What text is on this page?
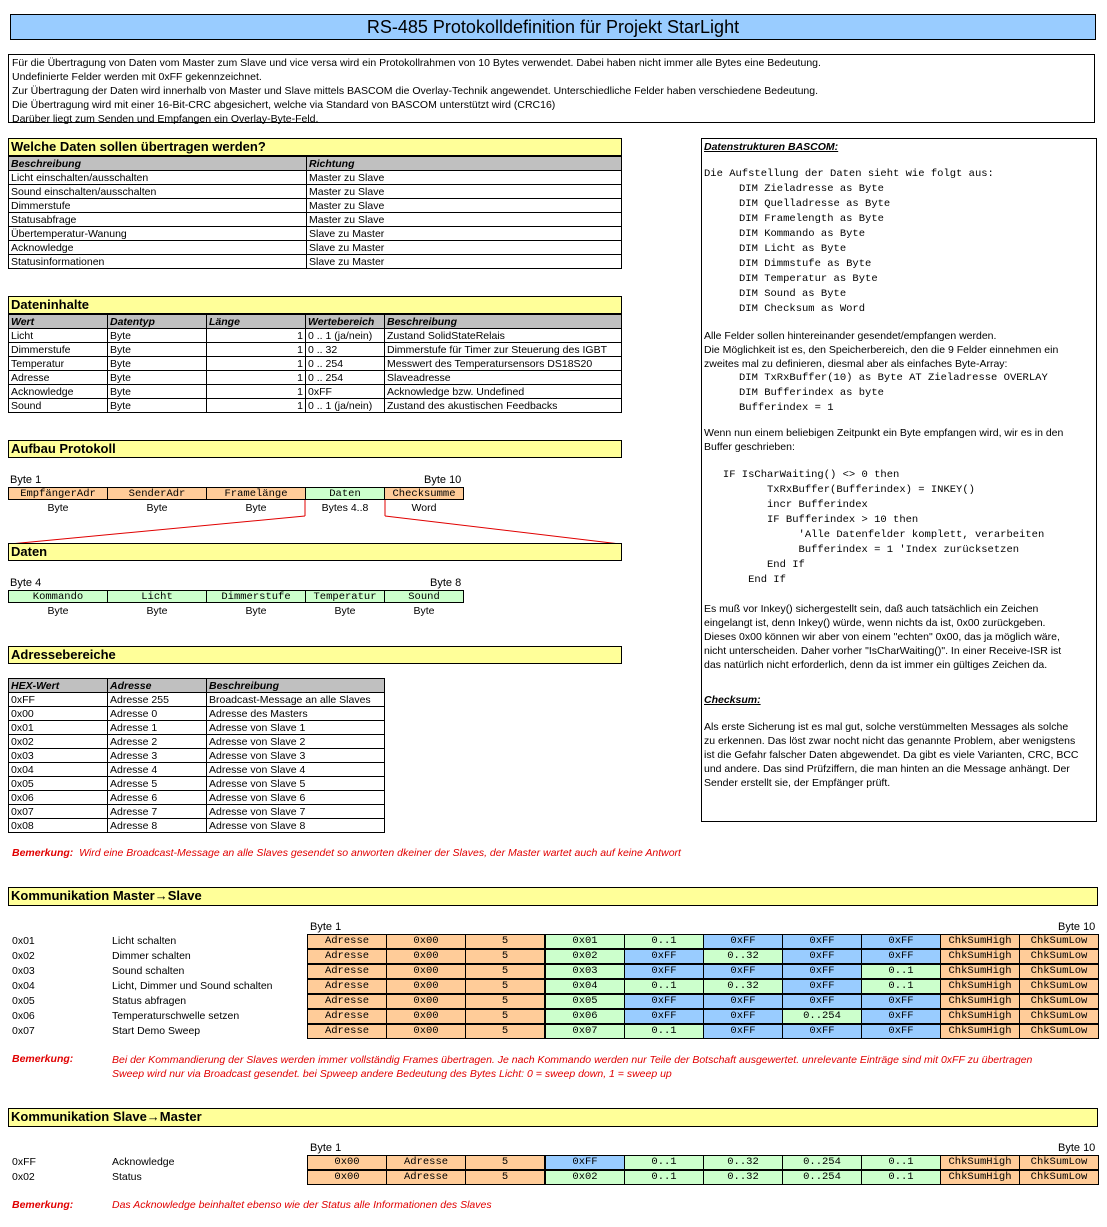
RS-485 Protokolldefinition für Projekt StarLight
Für die Übertragung von Daten vom Master zum Slave und vice versa wird ein Protokollrahmen von 10 Bytes verwendet. Dabei haben nicht immer alle Bytes eine Bedeutung.
Undefinierte Felder werden mit 0xFF gekennzeichnet.
Zur Übertragung der Daten wird innerhalb von Master und Slave mittels BASCOM die Overlay-Technik angewendet. Unterschiedliche Felder haben verschiedene Bedeutung.
Die Übertragung wird mit einer 16-Bit-CRC abgesichert, welche via Standard von BASCOM unterstützt wird (CRC16)
Darüber liegt zum Senden und Empfangen ein Overlay-Byte-Feld.
Welche Daten sollen übertragen werden?
Beschreibung	Richtung
Licht einschalten/ausschalten	Master zu Slave
Sound einschalten/ausschalten	Master zu Slave
Dimmerstufe	Master zu Slave
Statusabfrage	Master zu Slave
Übertemperatur-Wanung	Slave zu Master
Acknowledge	Slave zu Master
Statusinformationen	Slave zu Master
Dateninhalte
Wert	Datentyp	Länge	Wertebereich	Beschreibung
Licht	Byte	1	0 .. 1 (ja/nein)	Zustand SolidStateRelais
Dimmerstufe	Byte	1	0 .. 32	Dimmerstufe für Timer zur Steuerung des IGBT
Temperatur	Byte	1	0 .. 254	Messwert des Temperatursensors DS18S20
Adresse	Byte	1	0 .. 254	Slaveadresse
Acknowledge	Byte	1	0xFF	Acknowledge bzw. Undefined
Sound	Byte	1	0 .. 1 (ja/nein)	Zustand des akustischen Feedbacks
Aufbau Protokoll
Byte 1	Byte 10
EmpfängerAdr	SenderAdr	Framelänge	Daten	Checksumme
Byte	Byte	Byte	Bytes 4..8	Word
Daten
Byte 4	Byte 8
Kommando	Licht	Dimmerstufe	Temperatur	Sound
Byte	Byte	Byte	Byte	Byte
Adressebereiche
HEX-Wert	Adresse	Beschreibung
0xFF	Adresse 255	Broadcast-Message an alle Slaves
0x00	Adresse 0	Adresse des Masters
0x01	Adresse 1	Adresse von Slave 1
0x02	Adresse 2	Adresse von Slave 2
0x03	Adresse 3	Adresse von Slave 3
0x04	Adresse 4	Adresse von Slave 4
0x05	Adresse 5	Adresse von Slave 5
0x06	Adresse 6	Adresse von Slave 6
0x07	Adresse 7	Adresse von Slave 7
0x08	Adresse 8	Adresse von Slave 8
Bemerkung: Wird eine Broadcast-Message an alle Slaves gesendet so anworten dkeiner der Slaves, der Master wartet auch auf keine Antwort
Datenstrukturen BASCOM:
Die Aufstellung der Daten sieht wie folgt aus:
DIM Zieladresse as Byte
DIM Quelladresse as Byte
DIM Framelength as Byte
DIM Kommando as Byte
DIM Licht as Byte
DIM Dimmstufe as Byte
DIM Temperatur as Byte
DIM Sound as Byte
DIM Checksum as Word
Alle Felder sollen hintereinander gesendet/empfangen werden.
Die Möglichkeit ist es, den Speicherbereich, den die 9 Felder einnehmen ein
zweites mal zu definieren, diesmal aber als einfaches Byte-Array:
DIM TxRxBuffer(10) as Byte AT Zieladresse OVERLAY
DIM Bufferindex as byte
Bufferindex = 1
Wenn nun einem beliebigen Zeitpunkt ein Byte empfangen wird, wir es in den
Buffer geschrieben:
IF IsCharWaiting() <> 0 then
TxRxBuffer(Bufferindex) = INKEY()
incr Bufferindex
IF Bufferindex > 10 then
'Alle Datenfelder komplett, verarbeiten
Bufferindex = 1 'Index zurücksetzen
End If
End If
Es muß vor Inkey() sichergestellt sein, daß auch tatsächlich ein Zeichen
eingelangt ist, denn Inkey() würde, wenn nichts da ist, 0x00 zurückgeben.
Dieses 0x00 können wir aber von einem "echten" 0x00, das ja möglich wäre,
nicht unterscheiden. Daher vorher "IsCharWaiting()". In einer Receive-ISR ist
das natürlich nicht erforderlich, denn da ist immer ein gültiges Zeichen da.
Checksum:
Als erste Sicherung ist es mal gut, solche verstümmelten Messages als solche
zu erkennen. Das löst zwar nocht nicht das genannte Problem, aber wenigstens
ist die Gefahr falscher Daten abgewendet. Da gibt es viele Varianten, CRC, BCC
und andere. Das sind Prüfziffern, die man hinten an die Message anhängt. Der
Sender erstellt sie, der Empfänger prüft.
Kommunikation Master→Slave
Byte 1	Byte 10
0x01	Licht schalten	Adresse	0x00	5	0x01	0..1	0xFF	0xFF	0xFF	ChkSumHigh	ChkSumLow
0x02	Dimmer schalten	Adresse	0x00	5	0x02	0xFF	0..32	0xFF	0xFF	ChkSumHigh	ChkSumLow
0x03	Sound schalten	Adresse	0x00	5	0x03	0xFF	0xFF	0xFF	0..1	ChkSumHigh	ChkSumLow
0x04	Licht, Dimmer und Sound schalten	Adresse	0x00	5	0x04	0..1	0..32	0xFF	0..1	ChkSumHigh	ChkSumLow
0x05	Status abfragen	Adresse	0x00	5	0x05	0xFF	0xFF	0xFF	0xFF	ChkSumHigh	ChkSumLow
0x06	Temperaturschwelle setzen	Adresse	0x00	5	0x06	0xFF	0xFF	0..254	0xFF	ChkSumHigh	ChkSumLow
0x07	Start Demo Sweep	Adresse	0x00	5	0x07	0..1	0xFF	0xFF	0xFF	ChkSumHigh	ChkSumLow
Bemerkung:	Bei der Kommandierung der Slaves werden immer vollständig Frames übertragen. Je nach Kommando werden nur Teile der Botschaft ausgewertet. unrelevante Einträge sind mit 0xFF zu übertragen
Sweep wird nur via Broadcast gesendet. bei Spweep andere Bedeutung des Bytes Licht: 0 = sweep down, 1 = sweep up
Kommunikation Slave→Master
Byte 1	Byte 10
0xFF	Acknowledge	0x00	Adresse	5	0xFF	0..1	0..32	0..254	0..1	ChkSumHigh	ChkSumLow
0x02	Status	0x00	Adresse	5	0x02	0..1	0..32	0..254	0..1	ChkSumHigh	ChkSumLow
Bemerkung:	Das Acknowledge beinhaltet ebenso wie der Status alle Informationen des Slaves
